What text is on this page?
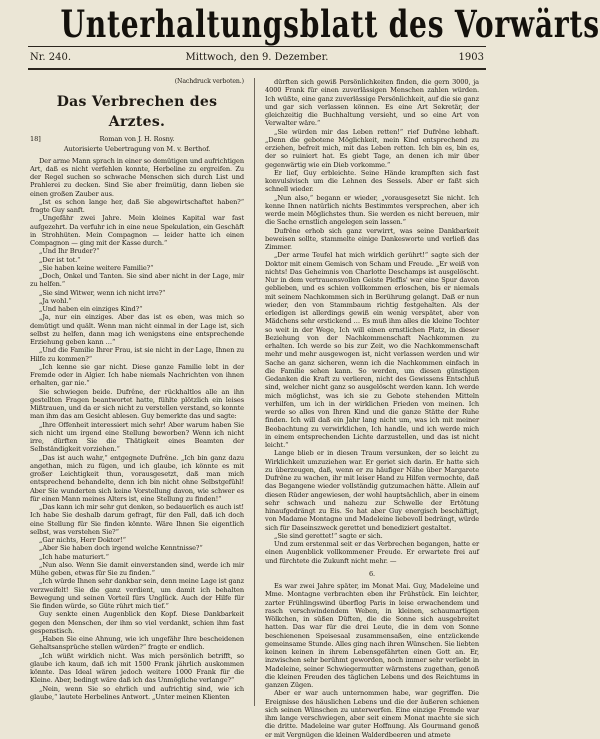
Unterhaltungsblatt des Vorwärts
Nr. 240.	Mittwoch, den 9. Dezember.	1903
(Nachdruck verboten.)
Das Verbrechen des Arztes.
18]	Roman von J. H. Rosny.
Autorisierte Uebertragung von M. v. Berthof.

Der arme Mann sprach in einer so demütigen und aufrichtigen Art, daß es nicht verfehlen konnte, Herbeline zu ergreifen. Zu der Regel suchen so schwache Menschen sich durch List und Prahlerei zu decken. Sind Sie aber freimütig, dann lieben sie einen großen Zauber aus.

„Ist es schon lange her, daß Sie abgewirtschaftet haben?“ fragte Guy sanft.

„Ungefähr zwei Jahre. Mein kleines Kapital war fast aufgezehrt. Da verfuhr ich in eine neue Spekulation, ein Geschäft in Strohhüten. Mein Compagnon — leider hatte ich einen Compagnon — ging mit der Kasse durch.“

„Und Ihr Bruder?“

„Der ist tot.“

„Sie haben keine weitere Familie?“

„Doch, Onkel und Tanten. Sie sind aber nicht in der Lage, mir zu helfen.“

„Sie sind Witwer, wenn ich nicht irre?“

„Ja wohl.“

„Und haben ein einziges Kind?“

„Ja, nur ein einziges. Aber das ist es eben, was mich so demütigt und quält. Wenn man nicht einmal in der Lage ist, sich selbst zu helfen, dann mag ich wenigstens eine entsprechende Erziehung geben kann …“

„Und die Familie Ihrer Frau, ist sie nicht in der Lage, Ihnen zu Hilfe zu kommen?“

„Ich kenne sie gar nicht. Diese ganze Familie lebt in der Fremde oder in Algier. Ich habe niemals Nachrichten von ihnen erhalten, gar nie.“

Sie schwiegen beide. Dufrêne, der rückhaltlos alle an ihn gestellten Fragen beantwortet hatte, fühlte plötzlich ein leises Mißtrauen, und da er sich nicht zu verstellen verstand, so konnte man ihm das am Gesicht ablesen. Guy bemerkte das und sagte:

„Ihre Offenheit interessiert mich sehr! Aber warum haben Sie sich nicht um irgend eine Stellung beworben? Wenn ich nicht irre, dürften Sie die Thätigkeit eines Beamten der Selbständigkeit vorziehen.“

„Das ist auch wahr,“ entgegnete Dufrêne. „Ich bin ganz dazu angethan, mich zu fügen, und ich glaube, ich könnte es mit großer Leichtigkeit thun, vorausgesetzt, daß man mich entsprechend behandelte, denn ich bin nicht ohne Selbstgefühl! Aber Sie wunderten sich keine Vorstellung davon, wie schwer es für einen Mann meines Alters ist, eine Stellung zu finden!“

„Das kann ich mir sehr gut denken, so bedauerlich es auch ist! Ich habe Sie deshalb darum gefragt, für den Fall, daß ich doch eine Stellung für Sie finden könnte. Wäre Ihnen Sie eigentlich selbst, was verstehen Sie?“

„Gar nichts, Herr Doktor!“

„Aber Sie haben doch irgend welche Kenntnisse?“

„Ich habe maturiert.“

„Nun also. Wenn Sie damit einverstanden sind, werde ich mir Mühe geben, etwas für Sie zu finden.“

„Ich würde Ihnen sehr dankbar sein, denn meine Lage ist ganz verzweifelt! Sie die ganz verdient, um damit ich behalten Bewegung und seinen Vorteil fürs Unglück. Auch der Hilfe für Sie finden würde, so Güte rührt mich tief.“

Guy senkte einen Augenblick den Kopf. Diese Dankbarkeit gegen den Menschen, der ihm so viel verdankt, schien ihm fast gespenstisch.

„Haben Sie eine Ahnung, wie ich ungefähr Ihre bescheidenen Gehaltsansprüche stellen würden?“ fragte er endlich.

„Ich wüßt wirklich nicht. Was mich persönlich betrifft, so glaube ich kaum, daß ich mit 1500 Frank jährlich auskommen könnte. Das Ideal wären jedoch weitere 1000 Frank für die Kleine. Aber, bedingt wäre daß ich das Unmögliche verlange?“

„Nein, wenn Sie so ehrlich und aufrichtig sind, wie ich glaube,“ lautete Herbelines Antwort. „Unter meinen Klienten

dürften sich gewiß Persönlichkeiten finden, die gern 3000, ja 4000 Frank für einen zuverlässigen Menschen zahlen würden. Ich wüßte, eine ganz zuverlässige Persönlichkeit, auf die sie ganz und gar sich verlassen können. Es eine Art Sekretär, der gleichzeitig die Buchhaltung versieht, und so eine Art von Verwalter wäre.“

„Sie würden mir das Leben retten!“ rief Dufrêne lebhaft. „Denn die gebotene Möglichkeit, mein Kind entsprechend zu erziehen, befreit mich, mit das Leben retten. Ich bin es, bin es, der so ruiniert hat. Es giebt Tage, an denen ich mir über gegenwärtig wie ein Dieb vorkomme.“

Er lief, Guy erbleichte. Seine Hände krampften sich fast konvulsivisch um die Lehnen des Sessels. Aber er faßt sich schnell wieder.

„Nun also,“ begann er wieder, „vorausgesetzt Sie nicht. Ich kenne Ihnen natürlich nichts Bestimmtes versprechen, aber ich werde mein Möglichstes thun. Sie werden es nicht bereuen, mir die Sache ernstlich angelegen sein lassen.“

Dufrêne erhob sich ganz verwirrt, was seine Dankbarkeit beweisen sollte, stammelte einige Dankesworte und verließ das Zimmer.

„Der arme Teufel hat mich wirklich gerührt!“ sagte sich der Doktor mit einem Gemisch von Scham und Freude. „Er weiß von nichts! Das Geheimnis von Charlotte Deschamps ist ausgelöscht. Nur in dem vertrauensvollen Geiste Pleffis' war eine Spur davon geblieben, und es schien vollkommen erloschen, bis er niemals mit seinem Nachkommen sich in Berührung gelangt. Daß er nun wieder, den von Stammbaum richtig festgehalten. Als der erledigen ist allerdings gewiß ein wenig verspätet, aber von Mädchens sehr erstickend … Es muß ihm alles die kleine Tochter so weit in der Wege, Ich will einen ernstlichen Platz, in dieser Beziehung von der Nachkommenschaft Nachkommen zu erhalten. Ich werde so bis zur Zeit, wo die Nachkommenschaft mehr und mehr ausgewogen ist, nicht verlassen werden und wir Sache an ganz sicheren, wenn ich die Nachkommen einfach in die Familie sehen kann. So werden, um diesen günstigen Gedanken die Kraft zu verlieren, nicht des Gewissens Entschluß sind, welcher nicht ganz so ausgelöscht werden kann. Ich werde mich möglichst, was ich sie zu Gebote stehenden Mitteln verhilfen, um ich in der wirklichen Frieden von meinen. Ich werde so alles von Ihren Kind und die ganze Stätte der Ruhe finden. Ich will daß ein Jahr lang nicht um, was ich mit meiner Beobachtung zu verwirklichen, Ich handle, und ich werde mich in einem entsprechenden Lichte darzustellen, und das ist nicht leicht.“

Lange blieb er in diesen Traum versunken, der so leicht zu Wirklichkeit umzuziehen war. Er geriet sich darin. Er hatte sich zu überzeugen, daß, wenn er zu häufiger Nähe über Margarete Dufrêne zu wachen, ihr mit leiser Hand zu Hilfen vermochte, daß das Begangene wieder vollständig gutzumachen hätte. Allein auf diesen Rüder angewiesen, der wohl hauptsächlich, aber in einem sehr schwach und nahezu zur Schwelle der Ertötung hinaufgedrängt zu Eis. So hat aber Guy energisch beschäftigt, von Madame Montagne und Madeleine liebevoll bedrängt, würde sich für Daseinszweck gerettet und benediziert gestaltet.

„Sie sind gerettet!“ sagte er sich.

Und zum erstenmal seit er das Verbrechen begangen, hatte er einen Augenblick vollkommener Freude. Er erwartete frei auf und fürchtete die Zukunft nicht mehr. —

6.

Es war zwei Jahre später, im Monat Mai. Guy, Madeleine und Mme. Montagne verbrachten eben ihr Frühstück. Ein leichter, zarter Frühlingswind überflog Paris in leise erwachendem und rasch verschwindendem Weben, in kleinen, schaumartigen Wölkchen, in süßen Düften, die die Sonne sich ausgebreitet hatten. Das war für die drei Leute, die in dem von Sonne beschienenen Speisesaal zusammensaßen, eine entzückende gemeinsame Stunde. Alles ging nach ihren Wünschen. Sie liebten keinen keinen in ihrem Lebensgefährten einen Gott an. Er, inzwischen sehr berühmt geworden, noch immer sehr verliebt in Madeleine, seiner Schwiegermutter wärmstens zugethan, genoß die kleinen Freuden des täglichen Lebens und des Reichtums in ganzen Zügen.

Aber er war auch unternommen habe, war gegriffen. Die Ereignisse des häuslichen Lebens und die der äußeren schienen sich seinen Wünschen zu unterwerfen. Eine einzige Fremde war ihm lange verschwiegen, aber seit einem Monat machte sie sich die dritte. Madeleine war guter Hoffnung. Als Gourmand genoß er mit Vergnügen die kleinen Walderdbeeren und atmete
